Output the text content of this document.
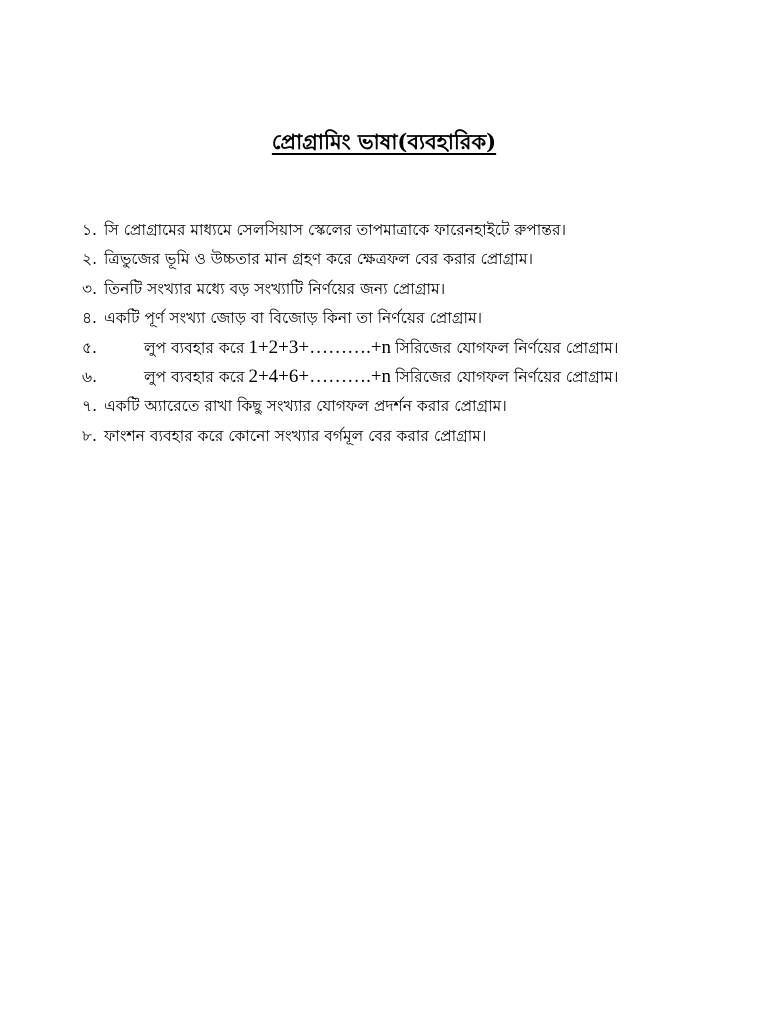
প্রোগ্রামিং ভাষা(ব্যবহারিক)
১. সি প্রোগ্রামের মাধ্যমে সেলসিয়াস স্কেলের তাপমাত্রাকে ফারেনহাইটে রুপান্তর।
২. ত্রিভুজের ভূমি ও উচ্চতার মান গ্রহণ করে ক্ষেত্রফল বের করার প্রোগ্রাম।
৩. তিনটি সংখ্যার মধ্যে বড় সংখ্যাটি নির্ণয়ের জন্য প্রোগ্রাম।
৪. একটি পূর্ণ সংখ্যা জোড় বা বিজোড় কিনা তা নির্ণয়ের প্রোগ্রাম।
৫.	লুপ ব্যবহার করে 1+2+3+……….+n সিরিজের যোগফল নির্ণয়ের প্রোগ্রাম।
৬.	লুপ ব্যবহার করে 2+4+6+……….+n সিরিজের যোগফল নির্ণয়ের প্রোগ্রাম।
৭. একটি অ্যারেতে রাখা কিছু সংখ্যার যোগফল প্রদর্শন করার প্রোগ্রাম।
৮. ফাংশন ব্যবহার করে কোনো সংখ্যার বর্গমূল বের করার প্রোগ্রাম।
